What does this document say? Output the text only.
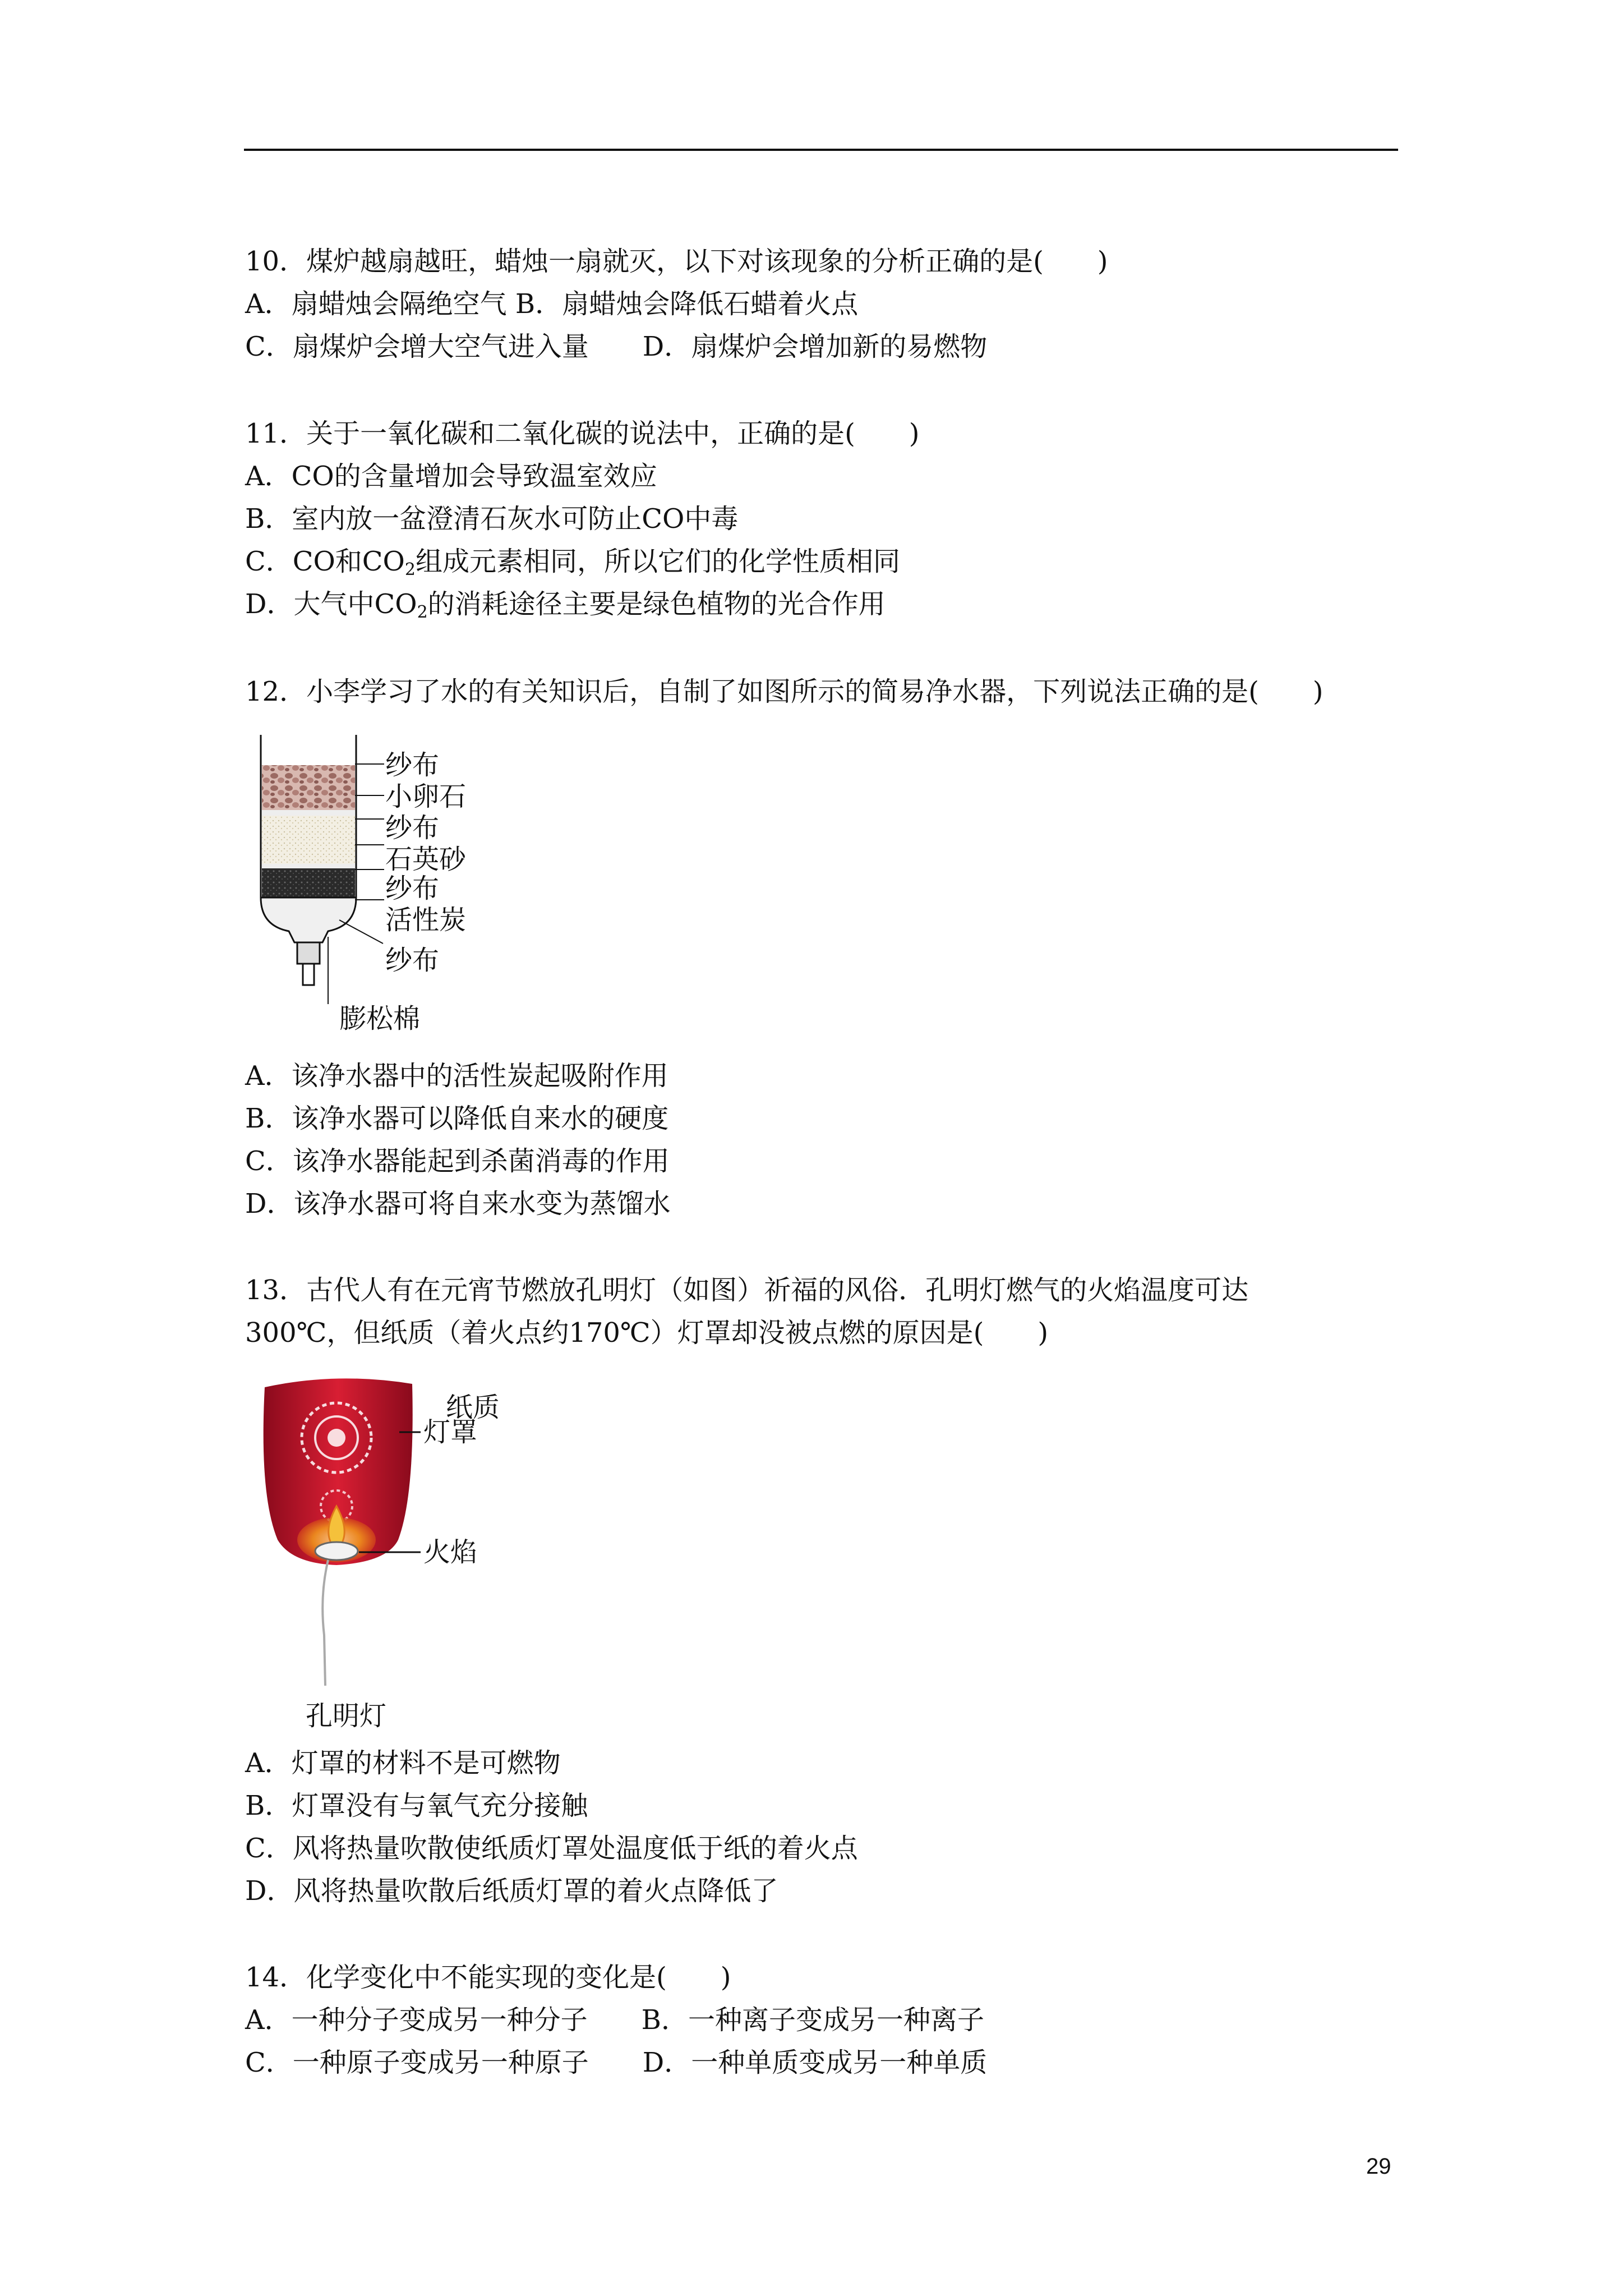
10．煤炉越扇越旺，蜡烛一扇就灭，以下对该现象的分析正确的是(　　)
A．扇蜡烛会隔绝空气 B．扇蜡烛会降低石蜡着火点
C．扇煤炉会增大空气进入量　　D．扇煤炉会增加新的易燃物
11．关于一氧化碳和二氧化碳的说法中，正确的是(　　)
A．CO的含量增加会导致温室效应
B．室内放一盆澄清石灰水可防止CO中毒
C．CO和$CO_2$组成元素相同，所以它们的化学性质相同
D．大气中$CO_2$的消耗途径主要是绿色植物的光合作用
12．小李学习了水的有关知识后，自制了如图所示的简易净水器，下列说法正确的是(　　)
纱布
小卵石
纱布
石英砂
纱布
活性炭
纱布
膨松棉
A．该净水器中的活性炭起吸附作用
B．该净水器可以降低自来水的硬度
C．该净水器能起到杀菌消毒的作用
D．该净水器可将自来水变为蒸馏水
13．古代人有在元宵节燃放孔明灯（如图）祈福的风俗．孔明灯燃气的火焰温度可达
300℃，但纸质（着火点约170℃）灯罩却没被点燃的原因是(　　)
纸质
灯罩
火焰
孔明灯
A．灯罩的材料不是可燃物
B．灯罩没有与氧气充分接触
C．风将热量吹散使纸质灯罩处温度低于纸的着火点
D．风将热量吹散后纸质灯罩的着火点降低了
14．化学变化中不能实现的变化是(　　)
A．一种分子变成另一种分子　　B．一种离子变成另一种离子
C．一种原子变成另一种原子　　D．一种单质变成另一种单质
29
